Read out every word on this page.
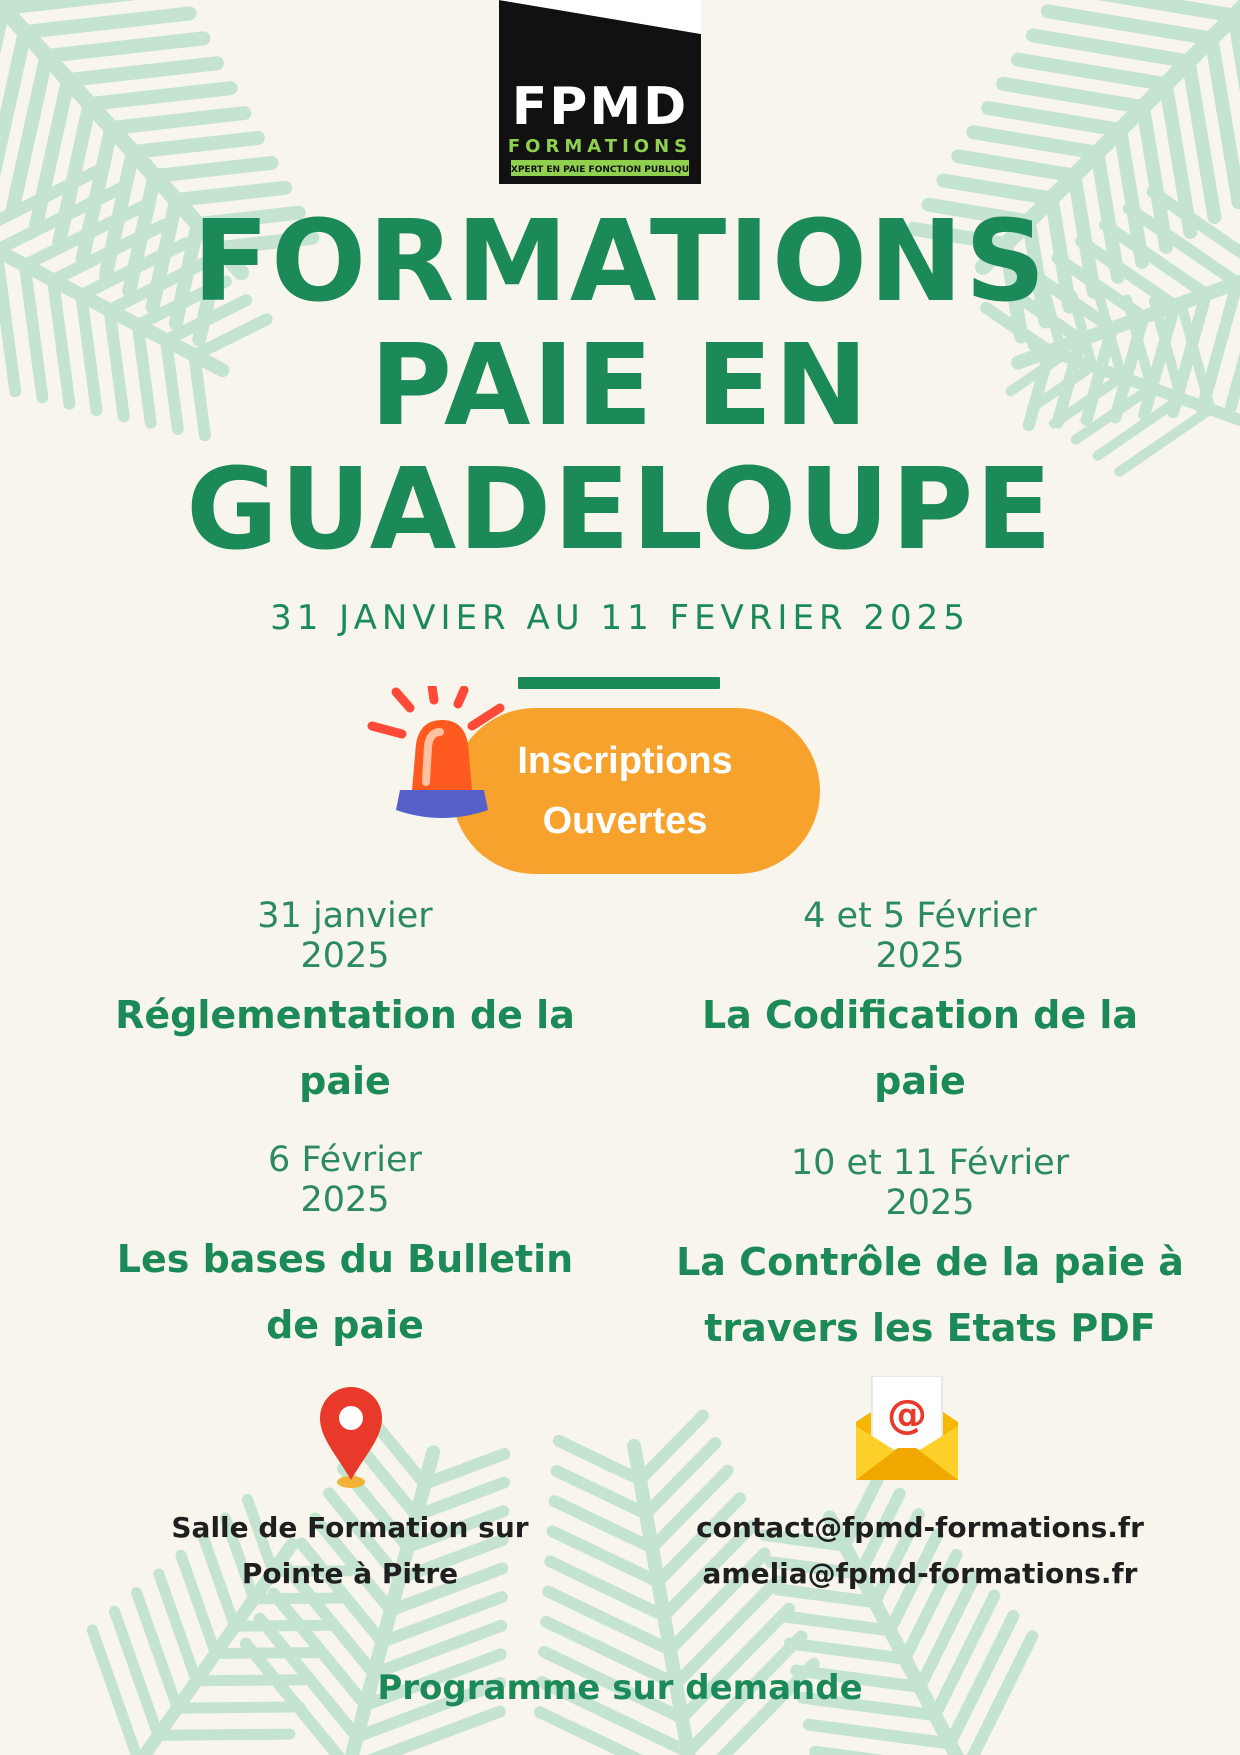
FPMD
FORMATIONS
EXPERT EN PAIE FONCTION PUBLIQUE
FORMATIONS
PAIE EN
GUADELOUPE
31 JANVIER AU 11 FEVRIER 2025
Inscriptions
Ouvertes
31 janvier
2025
Réglementation de la
paie
4 et 5 Février
2025
La Codification de la
paie
6 Février
2025
Les bases du Bulletin
de paie
10 et 11 Février
2025
La Contrôle de la paie à
travers les Etats PDF
@
Salle de Formation sur
Pointe à Pitre
contact@fpmd-formations.fr
amelia@fpmd-formations.fr
Programme sur demande
